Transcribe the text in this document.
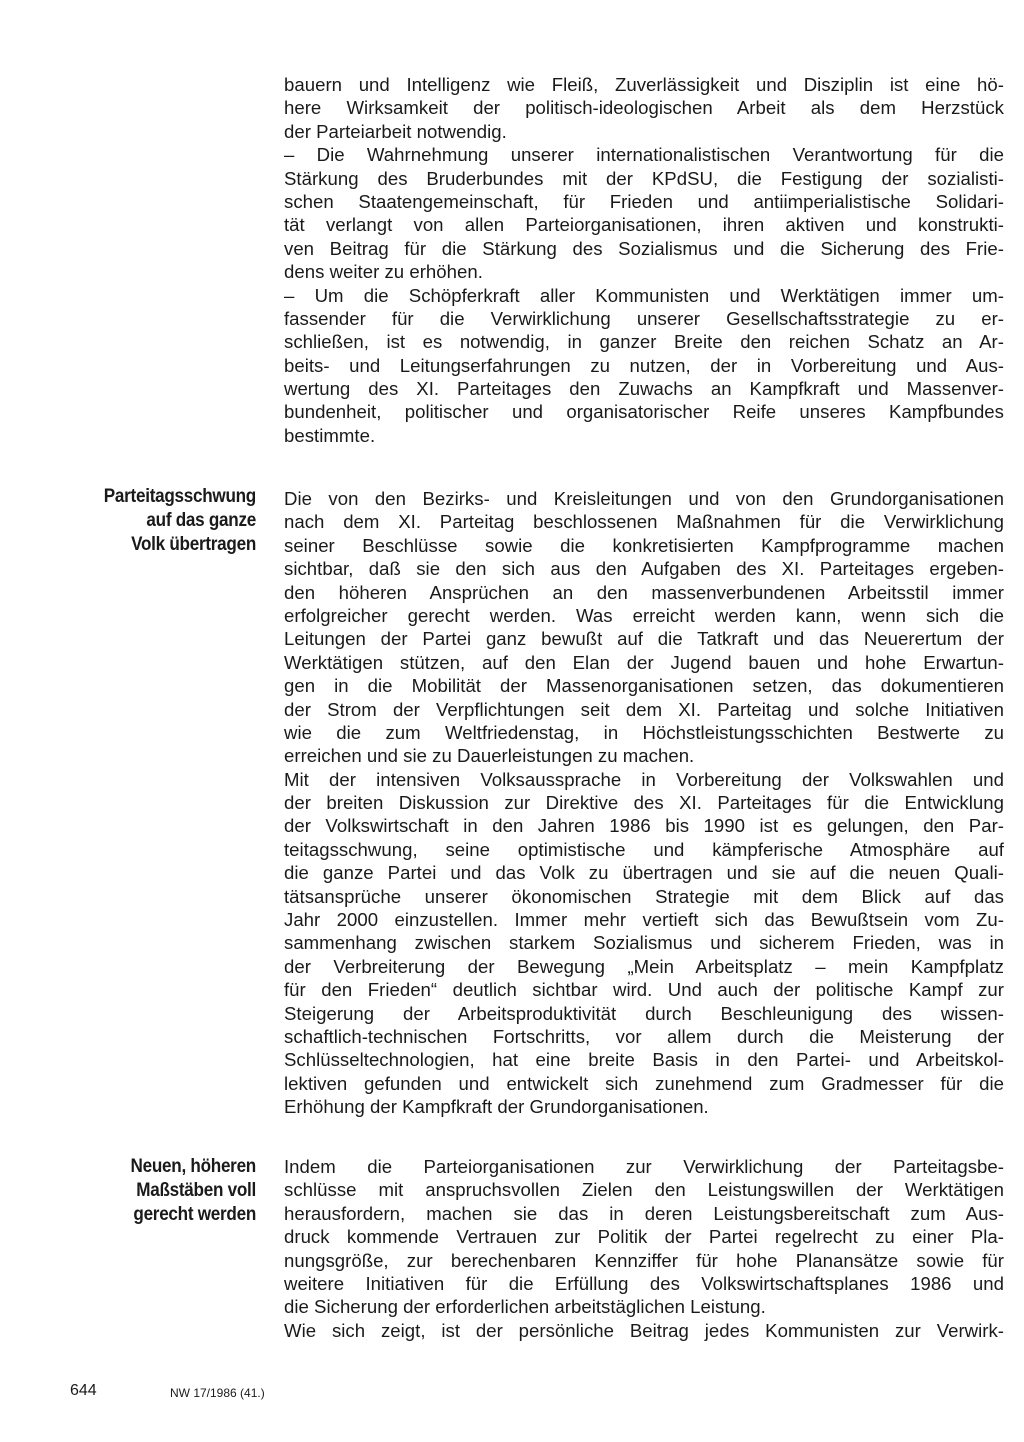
bauern und Intelligenz wie Fleiß, Zuverlässigkeit und Disziplin ist eine hö-
here Wirksamkeit der politisch-ideologischen Arbeit als dem Herzstück
der Parteiarbeit notwendig.
– Die Wahrnehmung unserer internationalistischen Verantwortung für die
Stärkung des Bruderbundes mit der KPdSU, die Festigung der sozialisti-
schen Staatengemeinschaft, für Frieden und antiimperialistische Solidari-
tät verlangt von allen Parteiorganisationen, ihren aktiven und konstrukti-
ven Beitrag für die Stärkung des Sozialismus und die Sicherung des Frie-
dens weiter zu erhöhen.
– Um die Schöpferkraft aller Kommunisten und Werktätigen immer um-
fassender für die Verwirklichung unserer Gesellschaftsstrategie zu er-
schließen, ist es notwendig, in ganzer Breite den reichen Schatz an Ar-
beits- und Leitungserfahrungen zu nutzen, der in Vorbereitung und Aus-
wertung des XI. Parteitages den Zuwachs an Kampfkraft und Massenver-
bundenheit, politischer und organisatorischer Reife unseres Kampfbundes
bestimmte.
Parteitagsschwung
auf das ganze
Volk übertragen
Die von den Bezirks- und Kreisleitungen und von den Grundorganisationen
nach dem XI. Parteitag beschlossenen Maßnahmen für die Verwirklichung
seiner Beschlüsse sowie die konkretisierten Kampfprogramme machen
sichtbar, daß sie den sich aus den Aufgaben des XI. Parteitages ergeben-
den höheren Ansprüchen an den massenverbundenen Arbeitsstil immer
erfolgreicher gerecht werden. Was erreicht werden kann, wenn sich die
Leitungen der Partei ganz bewußt auf die Tatkraft und das Neuerertum der
Werktätigen stützen, auf den Elan der Jugend bauen und hohe Erwartun-
gen in die Mobilität der Massenorganisationen setzen, das dokumentieren
der Strom der Verpflichtungen seit dem XI. Parteitag und solche Initiativen
wie die zum Weltfriedenstag, in Höchstleistungsschichten Bestwerte zu
erreichen und sie zu Dauerleistungen zu machen.
Mit der intensiven Volksaussprache in Vorbereitung der Volkswahlen und
der breiten Diskussion zur Direktive des XI. Parteitages für die Entwicklung
der Volkswirtschaft in den Jahren 1986 bis 1990 ist es gelungen, den Par-
teitagsschwung, seine optimistische und kämpferische Atmosphäre auf
die ganze Partei und das Volk zu übertragen und sie auf die neuen Quali-
tätsansprüche unserer ökonomischen Strategie mit dem Blick auf das
Jahr 2000 einzustellen. Immer mehr vertieft sich das Bewußtsein vom Zu-
sammenhang zwischen starkem Sozialismus und sicherem Frieden, was in
der Verbreiterung der Bewegung „Mein Arbeitsplatz – mein Kampfplatz
für den Frieden“ deutlich sichtbar wird. Und auch der politische Kampf zur
Steigerung der Arbeitsproduktivität durch Beschleunigung des wissen-
schaftlich-technischen Fortschritts, vor allem durch die Meisterung der
Schlüsseltechnologien, hat eine breite Basis in den Partei- und Arbeitskol-
lektiven gefunden und entwickelt sich zunehmend zum Gradmesser für die
Erhöhung der Kampfkraft der Grundorganisationen.
Neuen, höheren
Maßstäben voll
gerecht werden
Indem die Parteiorganisationen zur Verwirklichung der Parteitagsbe-
schlüsse mit anspruchsvollen Zielen den Leistungswillen der Werktätigen
herausfordern, machen sie das in deren Leistungsbereitschaft zum Aus-
druck kommende Vertrauen zur Politik der Partei regelrecht zu einer Pla-
nungsgröße, zur berechenbaren Kennziffer für hohe Planansätze sowie für
weitere Initiativen für die Erfüllung des Volkswirtschaftsplanes 1986 und
die Sicherung der erforderlichen arbeitstäglichen Leistung.
Wie sich zeigt, ist der persönliche Beitrag jedes Kommunisten zur Verwirk-
644	NW 17/1986 (41.)
